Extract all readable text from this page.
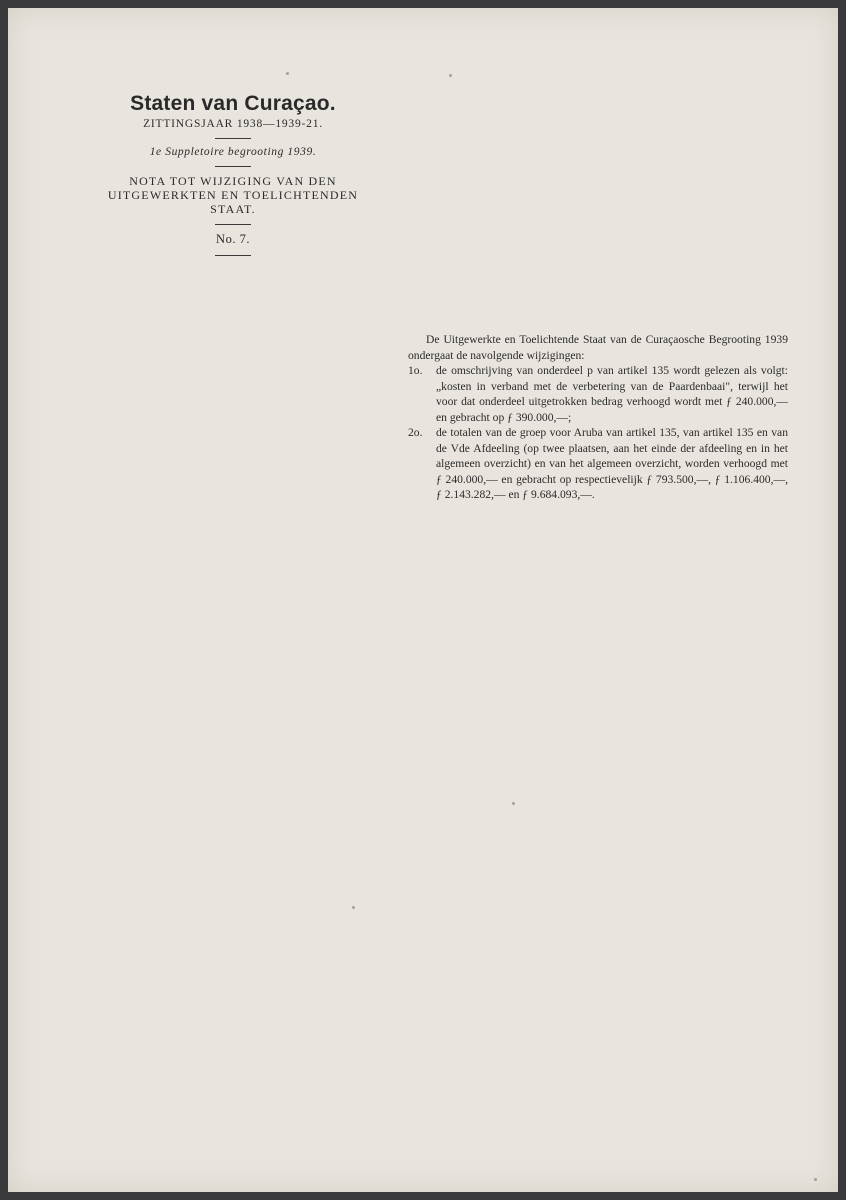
Staten van Curaçao.
ZITTINGSJAAR 1938—1939-21.
1e Suppletoire begrooting 1939.
NOTA TOT WIJZIGING VAN DEN
UITGEWERKTEN EN TOELICHTENDEN
STAAT.
No. 7.

De Uitgewerkte en Toelichtende Staat van de Curaçaosche Begrooting 1939 ondergaat de navolgende wijzigingen:

1o.	de omschrijving van onderdeel p van artikel 135 wordt gelezen als volgt: „kosten in verband met de verbetering van de Paardenbaai", terwijl het voor dat onderdeel uitgetrokken bedrag verhoogd wordt met ƒ 240.000,— en gebracht op ƒ 390.000,—;
2o.	de totalen van de groep voor Aruba van artikel 135, van artikel 135 en van de Vde Afdeeling (op twee plaatsen, aan het einde der afdeeling en in het algemeen overzicht) en van het algemeen overzicht, worden verhoogd met ƒ 240.000,— en gebracht op respectievelijk ƒ 793.500,—, ƒ 1.106.400,—, ƒ 2.143.282,— en ƒ 9.684.093,—.
